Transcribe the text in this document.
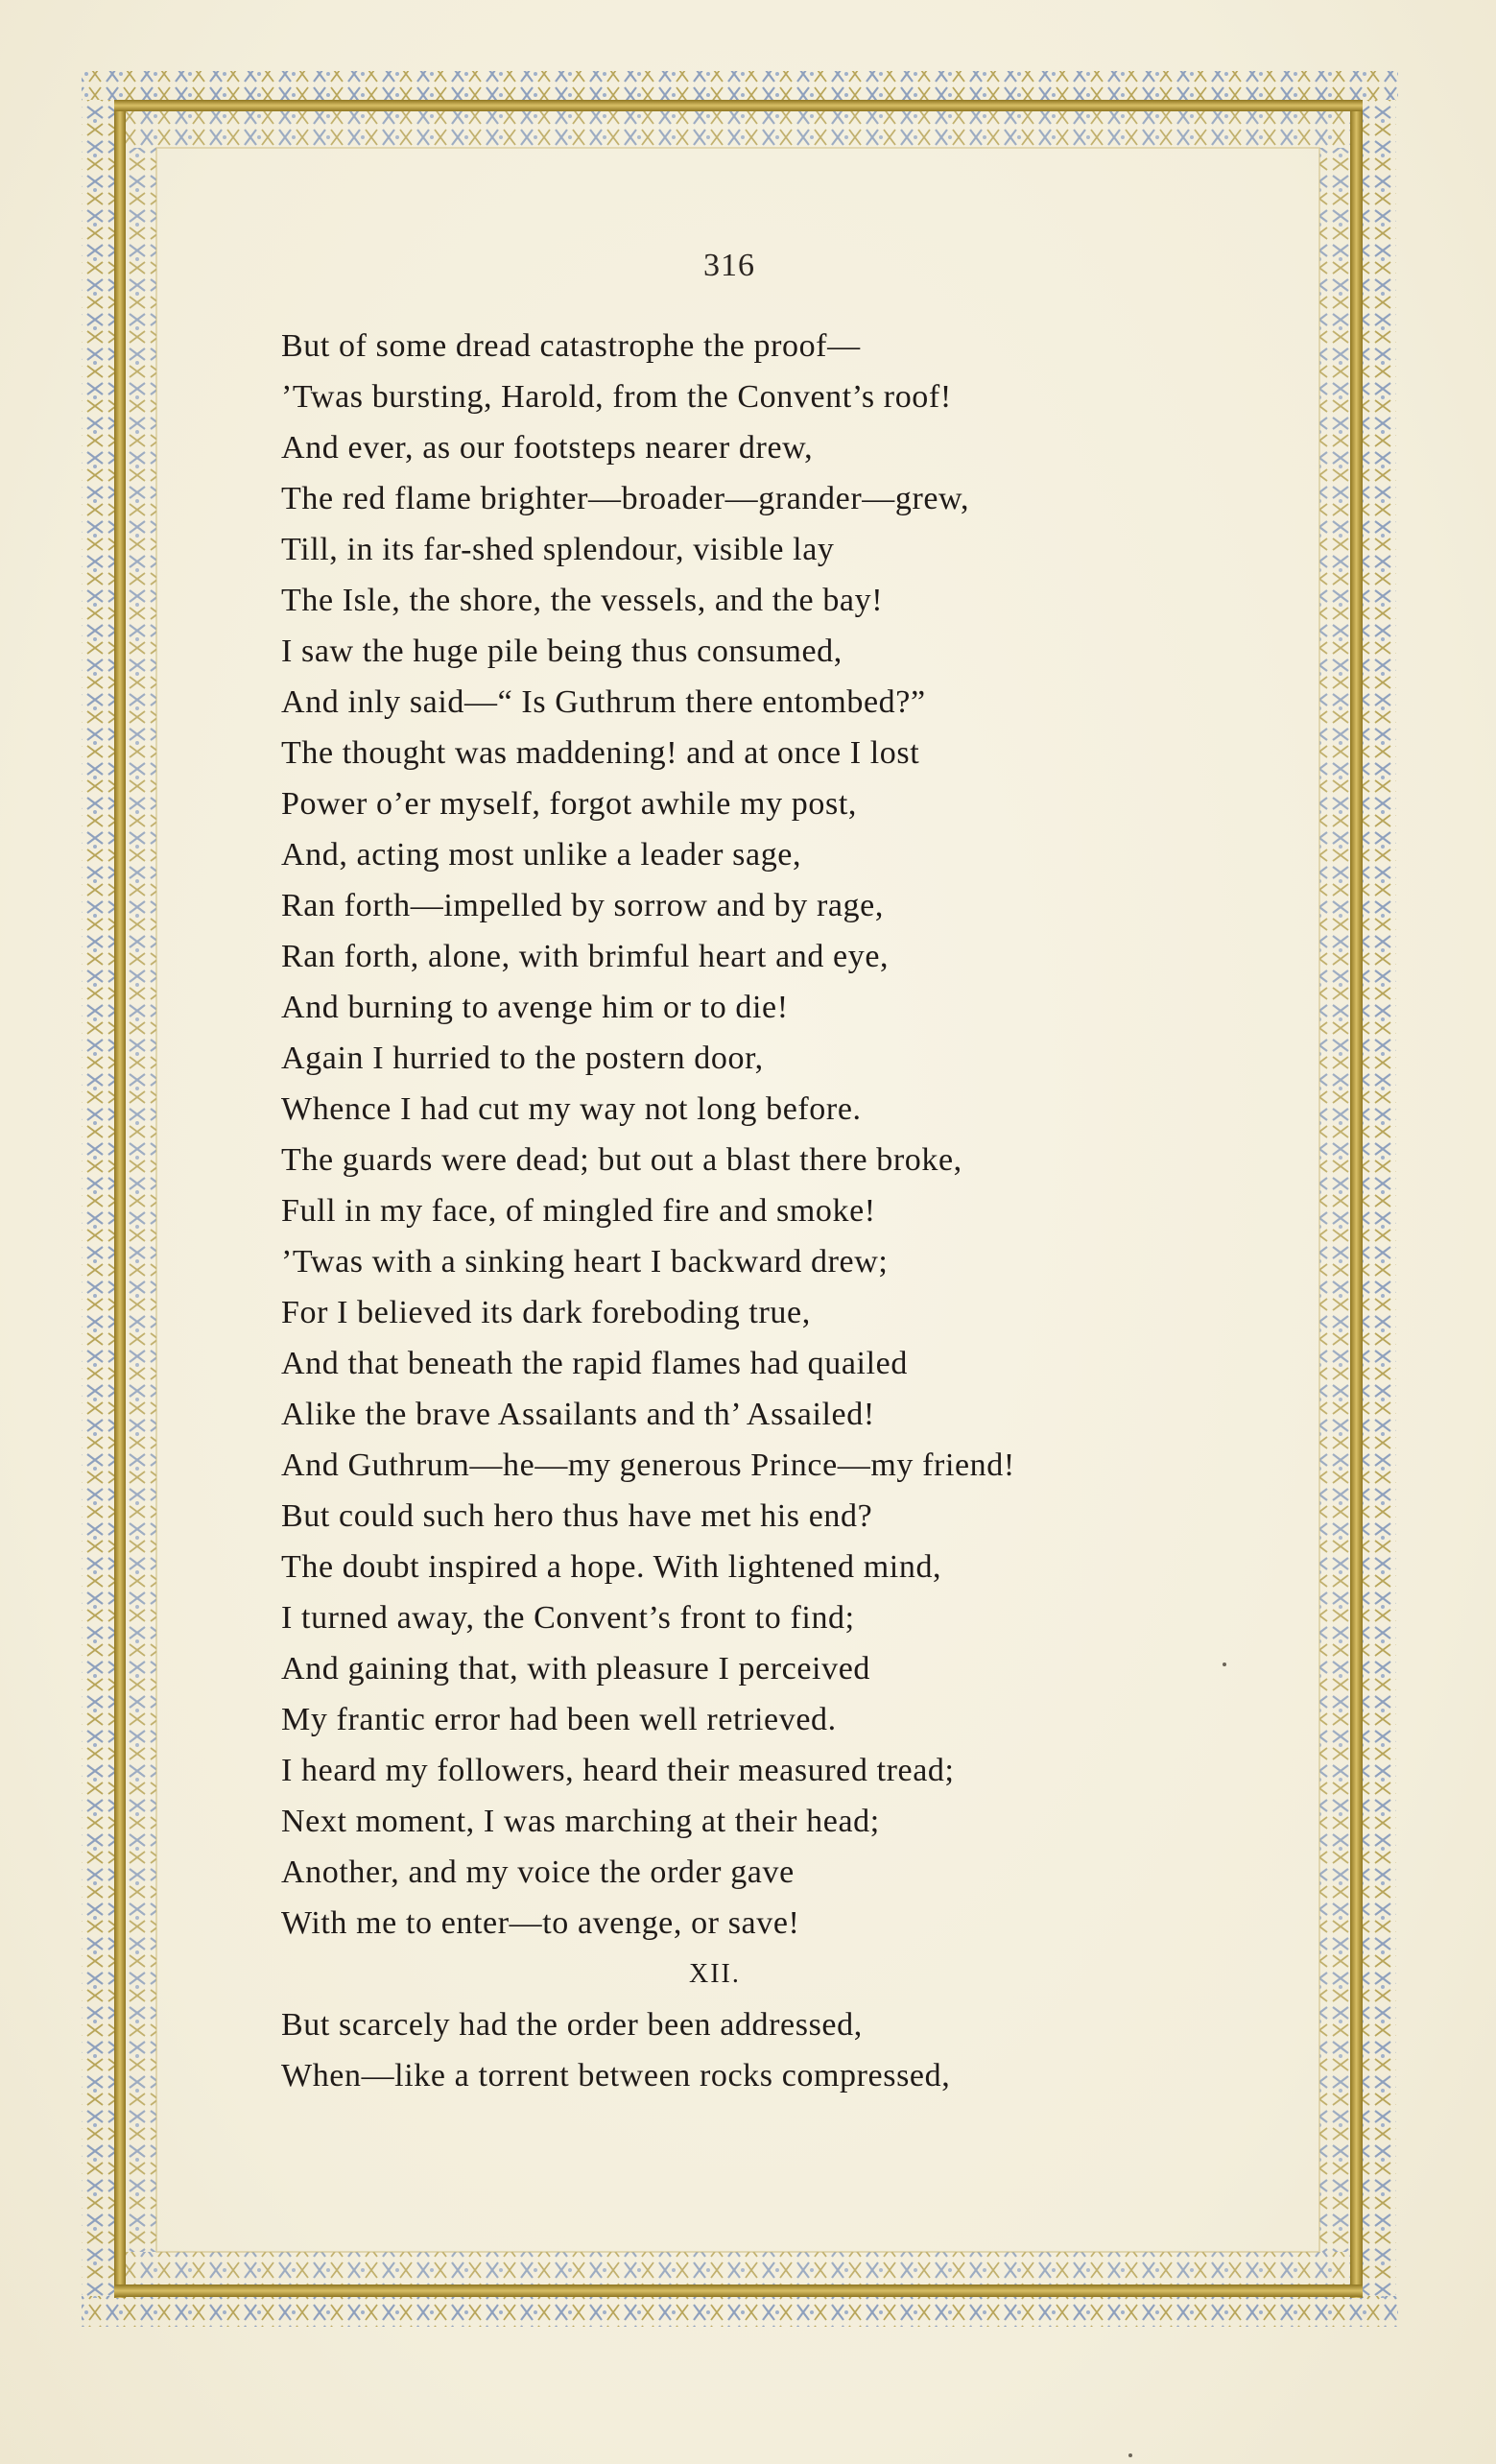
316
But of some dread catastrophe the proof—
’Twas bursting, Harold, from the Convent’s roof!
And ever, as our footsteps nearer drew,
The red flame brighter—broader—grander—grew,
Till, in its far-shed splendour, visible lay
The Isle, the shore, the vessels, and the bay!
I saw the huge pile being thus consumed,
And inly said—“ Is Guthrum there entombed?”
The thought was maddening! and at once I lost
Power o’er myself, forgot awhile my post,
And, acting most unlike a leader sage,
Ran forth—impelled by sorrow and by rage,
Ran forth, alone, with brimful heart and eye,
And burning to avenge him or to die!
Again I hurried to the postern door,
Whence I had cut my way not long before.
The guards were dead; but out a blast there broke,
Full in my face, of mingled fire and smoke!
’Twas with a sinking heart I backward drew;
For I believed its dark foreboding true,
And that beneath the rapid flames had quailed
Alike the brave Assailants and th’ Assailed!
And Guthrum—he—my generous Prince—my friend!
But could such hero thus have met his end?
The doubt inspired a hope. With lightened mind,
I turned away, the Convent’s front to find;
And gaining that, with pleasure I perceived
My frantic error had been well retrieved.
I heard my followers, heard their measured tread;
Next moment, I was marching at their head;
Another, and my voice the order gave
With me to enter—to avenge, or save!
XII.
But scarcely had the order been addressed,
When—like a torrent between rocks compressed,
